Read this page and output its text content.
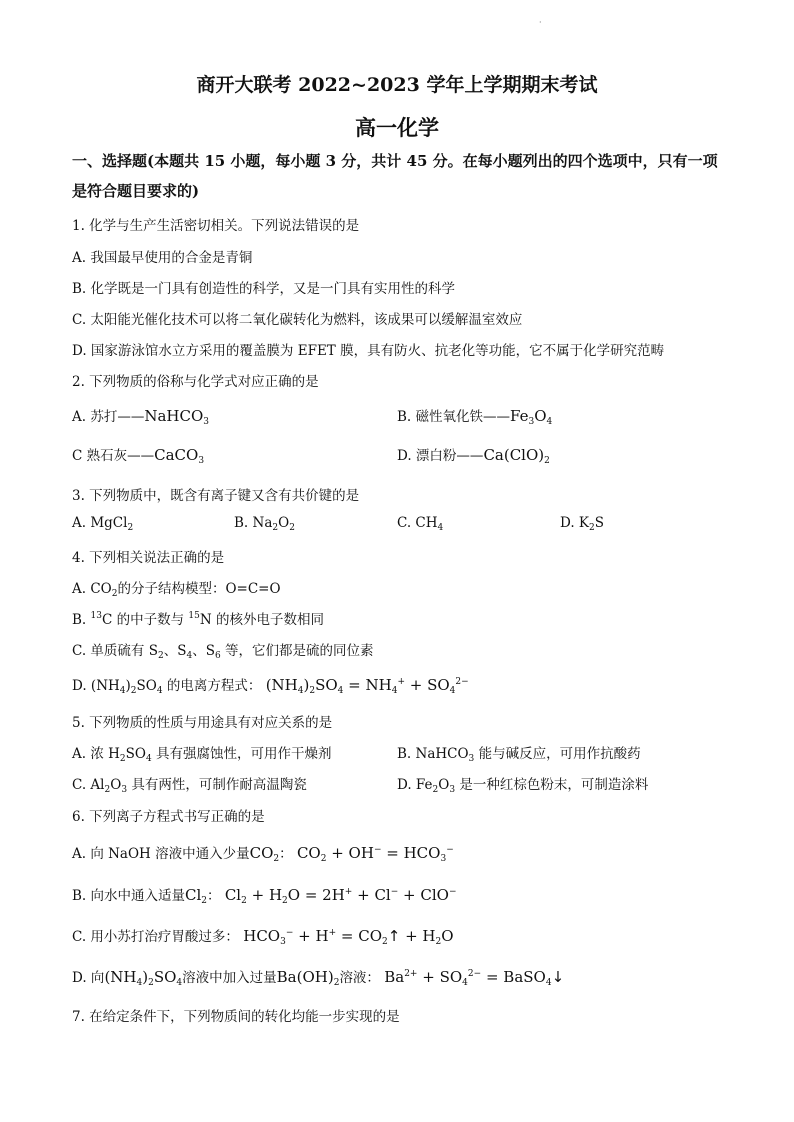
·
商开大联考 2022~2023 学年上学期期末考试
高一化学
一、选择题(本题共 15 小题，每小题 3 分，共计 45 分。在每小题列出的四个选项中，只有一项是符合题目要求的)
1. 化学与生产生活密切相关。下列说法错误的是
A. 我国最早使用的合金是青铜
B. 化学既是一门具有创造性的科学，又是一门具有实用性的科学
C. 太阳能光催化技术可以将二氧化碳转化为燃料，该成果可以缓解温室效应
D. 国家游泳馆水立方采用的覆盖膜为 EFET 膜，具有防火、抗老化等功能，它不属于化学研究范畴
2. 下列物质的俗称与化学式对应正确的是
A. 苏打——NaHCO$_3$	B. 磁性氧化铁$——Fe_3O_4$
C 熟石灰——CaCO$_3$	D. 漂白粉$——Ca(ClO)_2$
3. 下列物质中，既含有离子键又含有共价键的是
A. MgCl$_2$	B. $Na_2O_2$	C. $CH_4$	D. $K_2S$
4. 下列相关说法正确的是
A. $CO_2$的分子结构模型：O=C=O
B. $^{13}$C 的中子数与 $^{15}$N 的核外电子数相同
C. 单质硫有 $S_2$、$S_4$、$S_6$ 等，它们都是硫的同位素
D. $(NH_4)_2SO_4$ 的电离方程式： $(NH_4)_2SO_4 = NH_4^+ + SO_4^{2-}$
5. 下列物质的性质与用途具有对应关系的是
A. 浓 $H_2SO_4$ 具有强腐蚀性，可用作干燥剂	B. NaHCO$_3$ 能与碱反应，可用作抗酸药
C. $Al_2O_3$ 具有两性，可制作耐高温陶瓷	D. $Fe_2O_3$ 是一种红棕色粉末，可制造涂料
6. 下列离子方程式书写正确的是
A. 向 NaOH 溶液中通入少量$CO_2$： $CO_2 + OH^- = HCO_3^-$
B. 向水中通入适量$Cl_2$： $Cl_2 + H_2O = 2H^+ + Cl^- + ClO^-$
C. 用小苏打治疗胃酸过多： $HCO_3^- + H^+$ = $CO_2↑ + H_2O$
D. 向$(NH_4)_2SO_4$溶液中加入过量$Ba(OH)_2$溶液： $Ba^{2+} + SO_4^{2-}$ = BaSO$_4$↓
7. 在给定条件下，下列物质间的转化均能一步实现的是
